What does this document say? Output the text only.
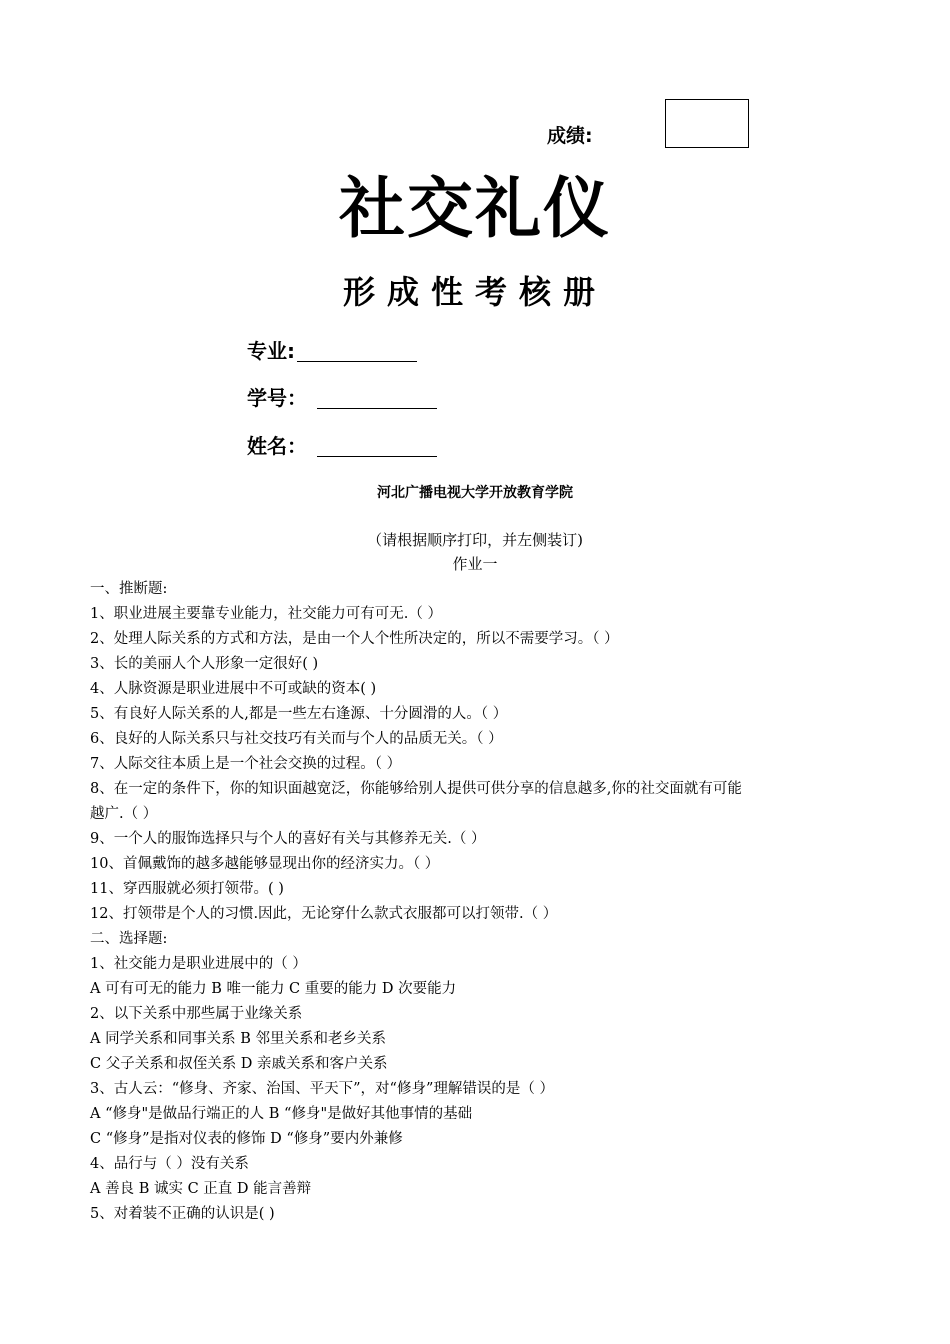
成绩:
社交礼仪
形成性考核册
专业:
学号：
姓名：
河北广播电视大学开放教育学院
（请根据顺序打印，并左侧装订)
作业一
一、推断题:
1、职业进展主要靠专业能力，社交能力可有可无.（ ）
2、处理人际关系的方式和方法，是由一个人个性所决定的，所以不需要学习。（ ）
3、长的美丽人个人形象一定很好( )
4、人脉资源是职业进展中不可或缺的资本( )
5、有良好人际关系的人,都是一些左右逢源、十分圆滑的人。（ ）
6、良好的人际关系只与社交技巧有关而与个人的品质无关。（ ）
7、人际交往本质上是一个社会交换的过程。（ ）
8、在一定的条件下，你的知识面越宽泛，你能够给别人提供可供分享的信息越多,你的社交面就有可能
越广.（ ）
9、一个人的服饰选择只与个人的喜好有关与其修养无关.（ ）
10、首佩戴饰的越多越能够显现出你的经济实力。（ ）
11、穿西服就必须打领带。( )
12、打领带是个人的习惯.因此，无论穿什么款式衣服都可以打领带.（ ）
二、选择题:
1、社交能力是职业进展中的（ ）
A 可有可无的能力 B 唯一能力 C 重要的能力 D 次要能力
2、以下关系中那些属于业缘关系
A 同学关系和同事关系 B 邻里关系和老乡关系
C 父子关系和叔侄关系 D 亲戚关系和客户关系
3、古人云：“修身、齐家、治国、平天下”，对“修身”理解错误的是（ ）
A “修身"是做品行端正的人 B “修身"是做好其他事情的基础
C “修身”是指对仪表的修饰 D “修身”要内外兼修
4、品行与（ ）没有关系
A 善良 B 诚实 C 正直 D 能言善辩
5、对着装不正确的认识是( )
